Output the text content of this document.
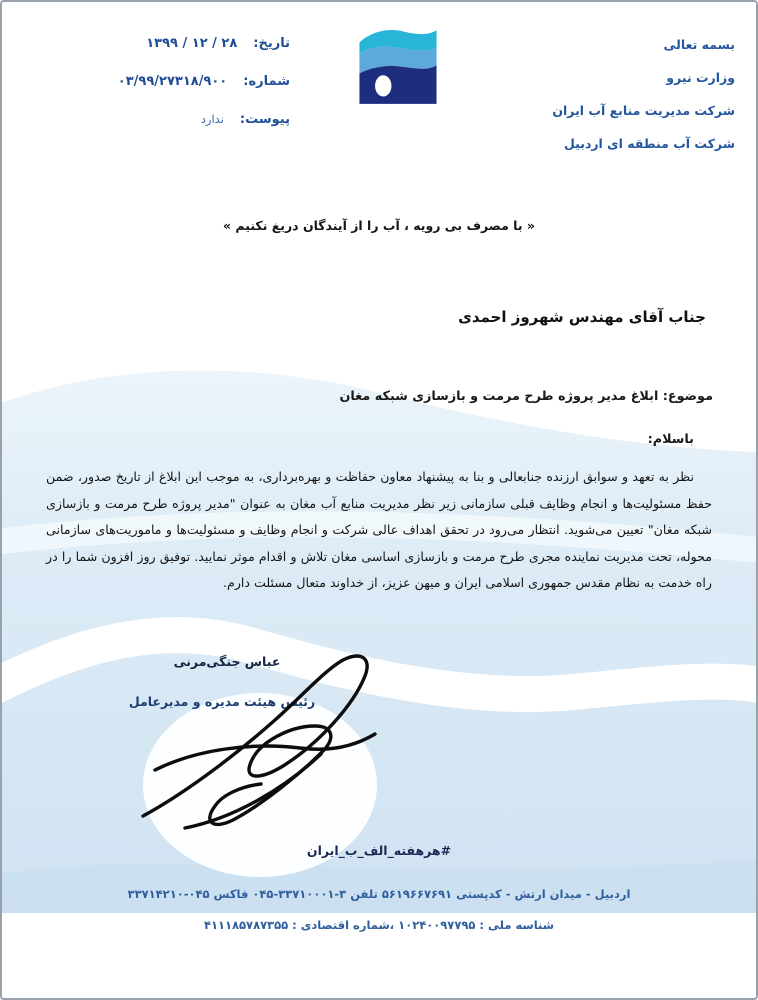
تاریخ:
۱۳۹۹ / ۱۲ / ۲۸
شماره:
۰۳/۹۹/۲۷۳۱۸/۹۰۰
پیوست:
ندارد
بسمه تعالی
وزارت نیرو
شرکت مدیریت منابع آب ایران
شرکت آب منطقه ای اردبیل
« با مصرف بی رویه ، آب را از آیندگان دریغ نکنیم »
جناب آقای مهندس شهروز احمدی
موضوع: ابلاغ مدیر پروژه طرح مرمت و بازسازی شبکه مغان
باسلام:
نظر به تعهد و سوابق ارزنده جنابعالی و بنا به پیشنهاد معاون حفاظت و بهره‌برداری، به موجب این ابلاغ از تاریخ صدور، ضمن حفظ مسئولیت‌ها و انجام وظایف قبلی سازمانی زیر نظر مدیریت منابع آب مغان به عنوان "مدیر پروژه طرح مرمت و بازسازی شبکه مغان" تعیین می‌شوید. انتظار می‌رود در تحقق اهداف عالی شرکت و انجام وظایف و مسئولیت‌ها و ماموریت‌های سازمانی محوله، تحت مدیریت نماینده مجری طرح مرمت و بازسازی اساسی مغان تلاش و اقدام موثر نمایید. توفیق روز افزون شما را در راه خدمت به نظام مقدس جمهوری اسلامی ایران و میهن عزیز، از خداوند متعال مسئلت دارم.
عباس جنگی‌مرنی
رئیس هیئت مدیره و مدیرعامل
#هرهفته_الف_ب_ایران
اردبیل - میدان ارتش - کدپستی ۵۶۱۹۶۶۷۶۹۱ تلفن ۳-۳۳۷۱۰۰۰۱-۰۴۵ فاکس ۰۴۵-۳۳۷۱۴۲۱۰
شناسه ملی : ۱۰۲۴۰۰۹۷۷۹۵ ،شماره اقتصادی : ۴۱۱۱۸۵۷۸۷۳۵۵
